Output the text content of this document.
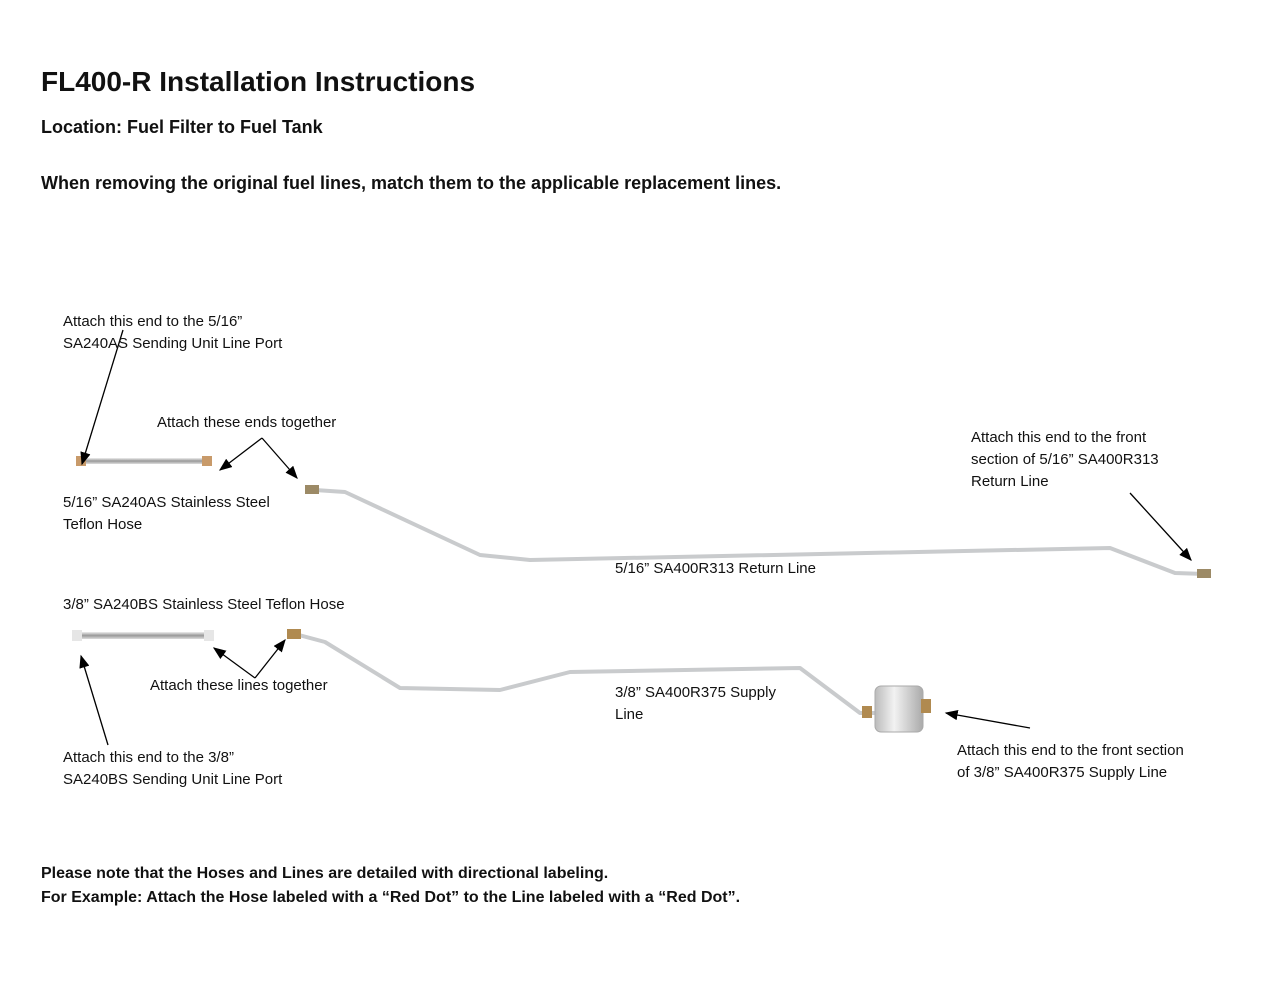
FL400-R Installation Instructions
Location: Fuel Filter to Fuel Tank
When removing the original fuel lines, match them to the applicable replacement lines.
Attach this end to the 5/16”
SA240AS Sending Unit Line Port
Attach these ends together
5/16” SA240AS Stainless Steel
Teflon Hose
Attach this end to the front
section of 5/16” SA400R313
Return Line
5/16” SA400R313 Return Line
3/8” SA240BS Stainless Steel Teflon Hose
Attach these lines together	3/8” SA400R375 Supply
Line
Attach this end to the 3/8”
SA240BS Sending Unit Line Port
Attach this end to the front section
of 3/8” SA400R375 Supply Line
Please note that the Hoses and Lines are detailed with directional labeling.
For Example: Attach the Hose labeled with a “Red Dot” to the Line labeled with a “Red Dot”.
